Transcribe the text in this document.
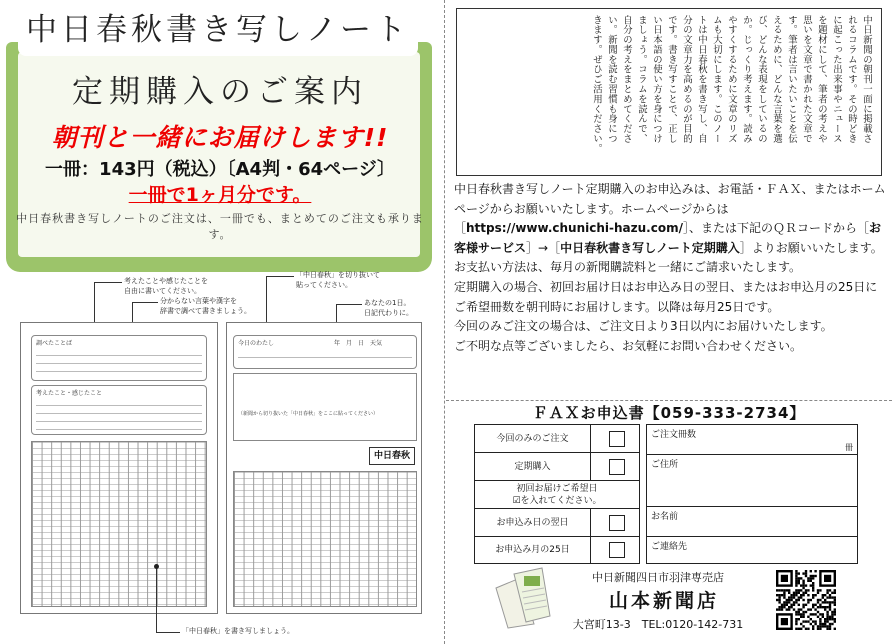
中日春秋書き写しノート
定期購入のご案内
朝刊と一緒にお届けします!!
一冊：143円（税込）〔A4判・64ページ〕
一冊で1ヶ月分です。
中日春秋書き写しノートのご注文は、一冊でも、まとめてのご注文も承ります。
考えたことや感じたことを
自由に書いてください。
分からない言葉や漢字を
辞書で調べて書きましょう。
「中日春秋」を切り抜いて
貼ってください。
あなたの1日。
日記代わりに。
調べたことば
考えたこと・感じたこと
今日のわたし	年　月　日　天気
（新聞から切り抜いた「中日春秋」をここに貼ってください）
中日春秋
「中日春秋」を書き写しましょう。
中日新聞の朝刊一面に掲載さ
れるコラムです。その時どき
に起こった出来事やニュース
を題材にして、筆者の考えや
思いを文章で書かれた文章で
す。筆者は言いたいことを伝
えるために、どんな言葉を選
び、どんな表現をしているの
か。じっくり考えます。読み
やすくするために文章のリズ
ムも大切にします。このノー
トは中日春秋を書き写し、自
分の文章力を高めるのが目的
です。書き写すことで、正し
い日本語の使い方を身につけ
ましょう。コラムを読んで、
自分の考えをまとめてくださ
い。新聞を読む習慣も身につ
きます。ぜひご活用ください。

中日春秋書き写しノート定期購入のお申込みは、お電話・ＦＡＸ、またはホームページからお願いいたします。ホームページからは［https://www.chunichi-hazu.com/］、または下記のＱＲコードから［お客様サービス］→［中日春秋書き写しノート定期購入］よりお願いいたします。

お支払い方法は、毎月の新聞購読料と一緒にご請求いたします。

定期購入の場合、初回お届け日はお申込み日の翌日、またはお申込月の25日にご希望冊数を朝刊時にお届けします。以降は毎月25日です。

今回のみご注文の場合は、ご注文日より3日以内にお届けいたします。

ご不明な点等ございましたら、お気軽にお問い合わせください。

ＦＡＸお申込書【059-333-2734】
今回のみのご注文
定期購入
初回お届けご希望日
☑を入れてください。
お申込み日の翌日
お申込み月の25日
ご注文冊数
冊
ご住所
お名前
ご連絡先
中日新聞四日市羽津専売店
山本新聞店
大宮町13-3　TEL:0120-142-731
